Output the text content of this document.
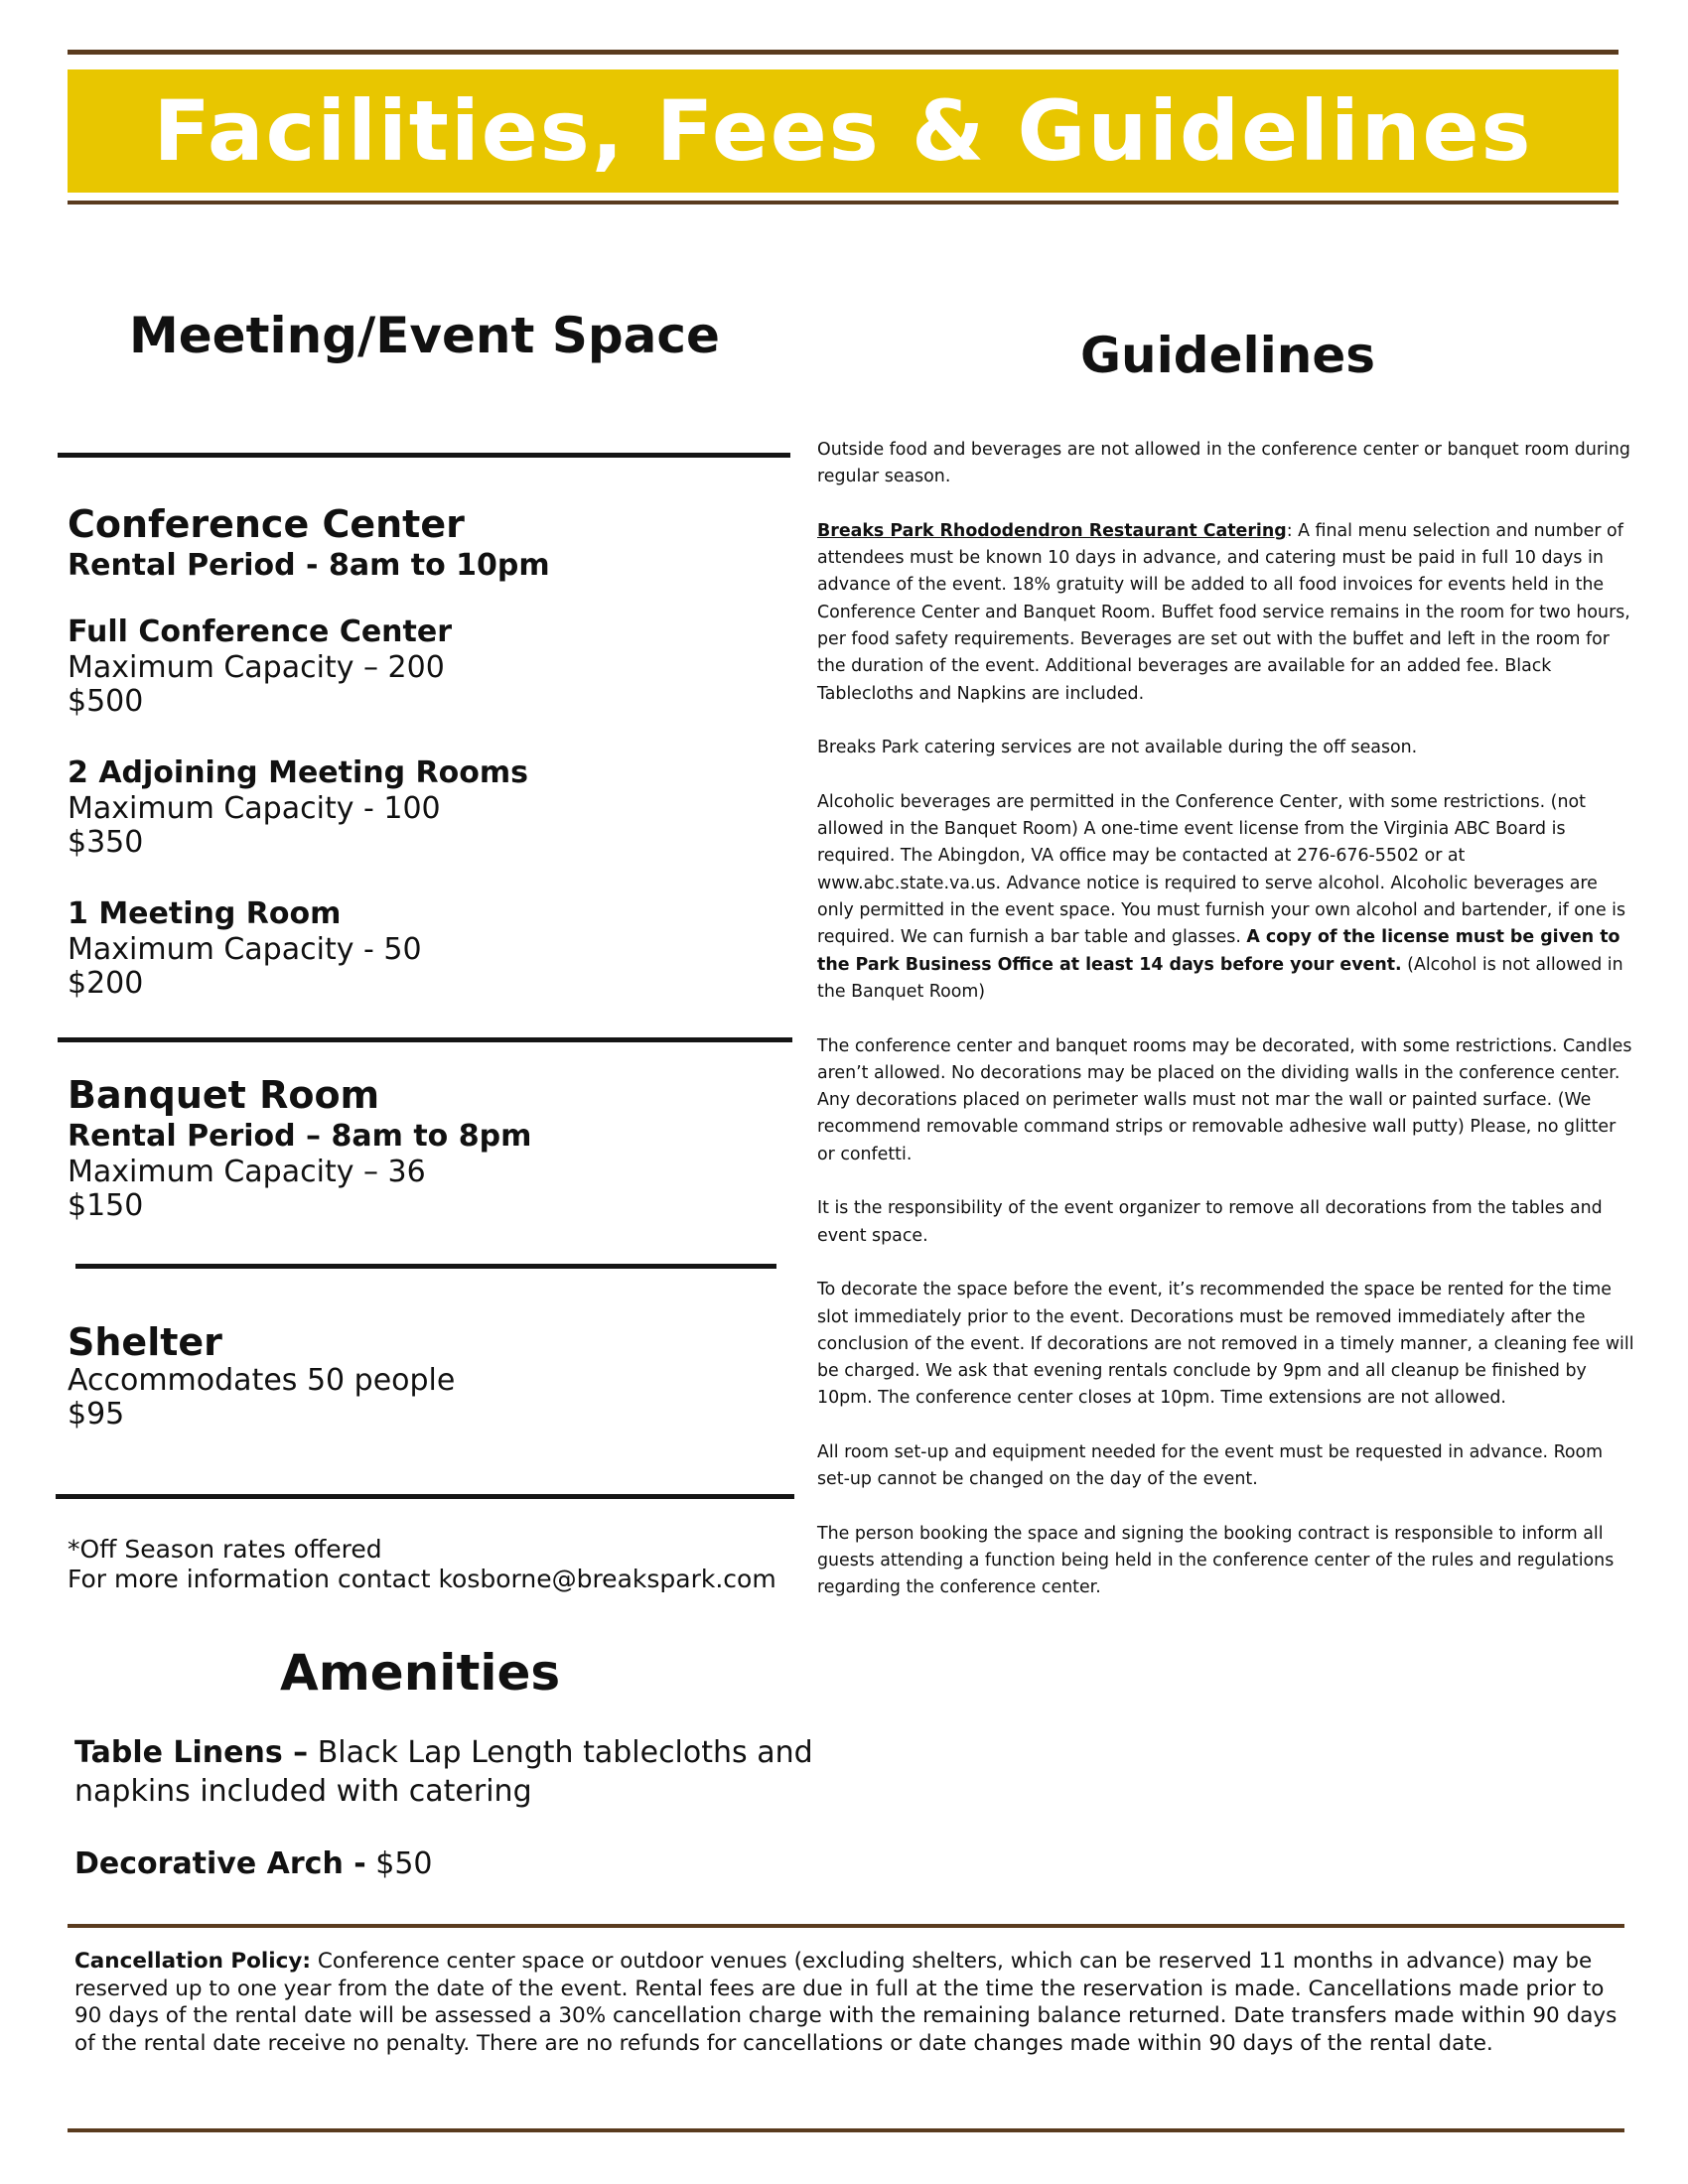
Facilities, Fees & Guidelines
Meeting/Event Space

Conference Center

Rental Period - 8am to 10pm

Full Conference Center

Maximum Capacity – 200

$500

2 Adjoining Meeting Rooms

Maximum Capacity - 100

$350

1 Meeting Room

Maximum Capacity - 50

$200

Banquet Room

Rental Period – 8am to 8pm

Maximum Capacity – 36

$150

Shelter

Accommodates 50 people

$95

*Off Season rates offered

For more information contact kosborne@breakspark.com

Amenities

Table Linens – Black Lap Length tablecloths and napkins included with catering

Decorative Arch - $50

Guidelines

Outside food and beverages are not allowed in the conference center or banquet room during regular season.

Breaks Park Rhododendron Restaurant Catering: A final menu selection and number of attendees must be known 10 days in advance, and catering must be paid in full 10 days in advance of the event. 18% gratuity will be added to all food invoices for events held in the Conference Center and Banquet Room. Buffet food service remains in the room for two hours, per food safety requirements. Beverages are set out with the buffet and left in the room for the duration of the event. Additional beverages are available for an added fee. Black Tablecloths and Napkins are included.

Breaks Park catering services are not available during the off season.

Alcoholic beverages are permitted in the Conference Center, with some restrictions. (not allowed in the Banquet Room) A one-time event license from the Virginia ABC Board is required. The Abingdon, VA office may be contacted at 276-676-5502 or at www.abc.state.va.us. Advance notice is required to serve alcohol. Alcoholic beverages are only permitted in the event space. You must furnish your own alcohol and bartender, if one is required. We can furnish a bar table and glasses. A copy of the license must be given to the Park Business Office at least 14 days before your event. (Alcohol is not allowed in the Banquet Room)

The conference center and banquet rooms may be decorated, with some restrictions. Candles aren’t allowed. No decorations may be placed on the dividing walls in the conference center. Any decorations placed on perimeter walls must not mar the wall or painted surface. (We recommend removable command strips or removable adhesive wall putty) Please, no glitter or confetti.

It is the responsibility of the event organizer to remove all decorations from the tables and event space.

To decorate the space before the event, it’s recommended the space be rented for the time slot immediately prior to the event. Decorations must be removed immediately after the conclusion of the event. If decorations are not removed in a timely manner, a cleaning fee will be charged. We ask that evening rentals conclude by 9pm and all cleanup be finished by 10pm. The conference center closes at 10pm. Time extensions are not allowed.

All room set-up and equipment needed for the event must be requested in advance. Room set-up cannot be changed on the day of the event.

The person booking the space and signing the booking contract is responsible to inform all guests attending a function being held in the conference center of the rules and regulations regarding the conference center.

Cancellation Policy: Conference center space or outdoor venues (excluding shelters, which can be reserved 11 months in advance) may be reserved up to one year from the date of the event. Rental fees are due in full at the time the reservation is made. Cancellations made prior to 90 days of the rental date will be assessed a 30% cancellation charge with the remaining balance returned. Date transfers made within 90 days of the rental date receive no penalty. There are no refunds for cancellations or date changes made within 90 days of the rental date.
